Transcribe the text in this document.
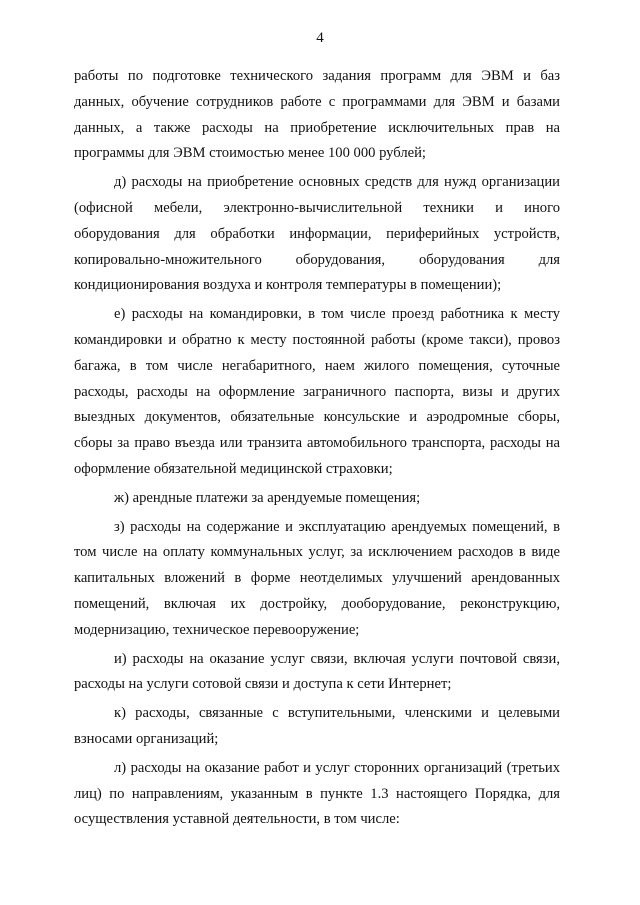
4

работы по подготовке технического задания программ для ЭВМ и баз данных, обучение сотрудников работе с программами для ЭВМ и базами данных, а также расходы на приобретение исключительных прав на программы для ЭВМ стоимостью менее 100 000 рублей;

д) расходы на приобретение основных средств для нужд организации (офисной мебели, электронно-вычислительной техники и иного оборудования для обработки информации, периферийных устройств, копировально-множительного оборудования, оборудования для кондиционирования воздуха и контроля температуры в помещении);

е) расходы на командировки, в том числе проезд работника к месту командировки и обратно к месту постоянной работы (кроме такси), провоз багажа, в том числе негабаритного, наем жилого помещения, суточные расходы, расходы на оформление заграничного паспорта, визы и других выездных документов, обязательные консульские и аэродромные сборы, сборы за право въезда или транзита автомобильного транспорта, расходы на оформление обязательной медицинской страховки;

ж) арендные платежи за арендуемые помещения;

з) расходы на содержание и эксплуатацию арендуемых помещений, в том числе на оплату коммунальных услуг, за исключением расходов в виде капитальных вложений в форме неотделимых улучшений арендованных помещений, включая их достройку, дооборудование, реконструкцию, модернизацию, техническое перевооружение;

и) расходы на оказание услуг связи, включая услуги почтовой связи, расходы на услуги сотовой связи и доступа к сети Интернет;

к) расходы, связанные с вступительными, членскими и целевыми взносами организаций;

л) расходы на оказание работ и услуг сторонних организаций (третьих лиц) по направлениям, указанным в пункте 1.3 настоящего Порядка, для осуществления уставной деятельности, в том числе:
